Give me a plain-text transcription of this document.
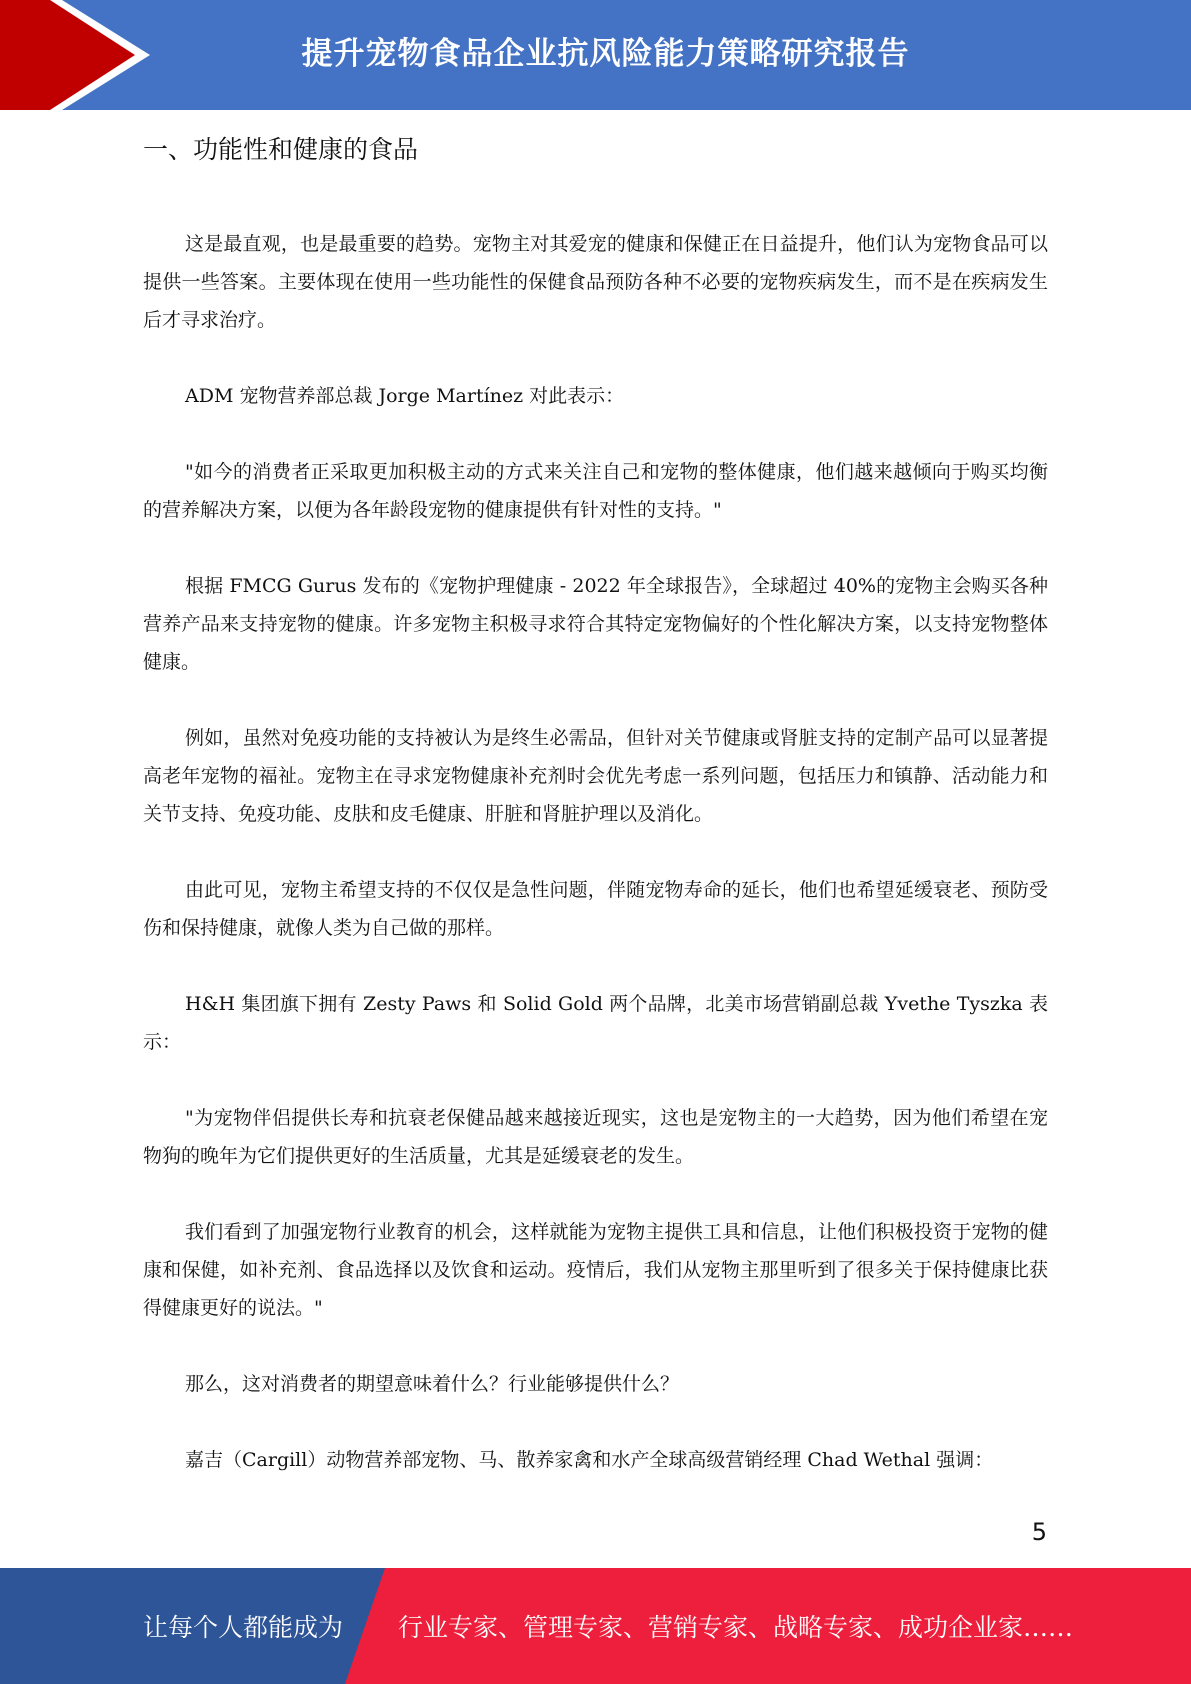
提升宠物食品企业抗风险能力策略研究报告
一、功能性和健康的食品

这是最直观，也是最重要的趋势。宠物主对其爱宠的健康和保健正在日益提升，他们认为宠物食品可以提供一些答案。主要体现在使用一些功能性的保健食品预防各种不必要的宠物疾病发生，而不是在疾病发生后才寻求治疗。

ADM 宠物营养部总裁 Jorge Martínez 对此表示：

"如今的消费者正采取更加积极主动的方式来关注自己和宠物的整体健康，他们越来越倾向于购买均衡的营养解决方案，以便为各年龄段宠物的健康提供有针对性的支持。"

根据 FMCG Gurus 发布的《宠物护理健康 - 2022 年全球报告》，全球超过 40%的宠物主会购买各种营养产品来支持宠物的健康。许多宠物主积极寻求符合其特定宠物偏好的个性化解决方案，以支持宠物整体健康。

例如，虽然对免疫功能的支持被认为是终生必需品，但针对关节健康或肾脏支持的定制产品可以显著提高老年宠物的福祉。宠物主在寻求宠物健康补充剂时会优先考虑一系列问题，包括压力和镇静、活动能力和关节支持、免疫功能、皮肤和皮毛健康、肝脏和肾脏护理以及消化。

由此可见，宠物主希望支持的不仅仅是急性问题，伴随宠物寿命的延长，他们也希望延缓衰老、预防受伤和保持健康，就像人类为自己做的那样。

H&H 集团旗下拥有 Zesty Paws 和 Solid Gold 两个品牌，北美市场营销副总裁 Yvethe Tyszka 表示：

"为宠物伴侣提供长寿和抗衰老保健品越来越接近现实，这也是宠物主的一大趋势，因为他们希望在宠物狗的晚年为它们提供更好的生活质量，尤其是延缓衰老的发生。

我们看到了加强宠物行业教育的机会，这样就能为宠物主提供工具和信息，让他们积极投资于宠物的健康和保健，如补充剂、食品选择以及饮食和运动。疫情后，我们从宠物主那里听到了很多关于保持健康比获得健康更好的说法。"

那么，这对消费者的期望意味着什么？行业能够提供什么？

嘉吉（Cargill）动物营养部宠物、马、散养家禽和水产全球高级营销经理 Chad Wethal 强调：

5
让每个人都能成为 行业专家、管理专家、营销专家、战略专家、成功企业家……
